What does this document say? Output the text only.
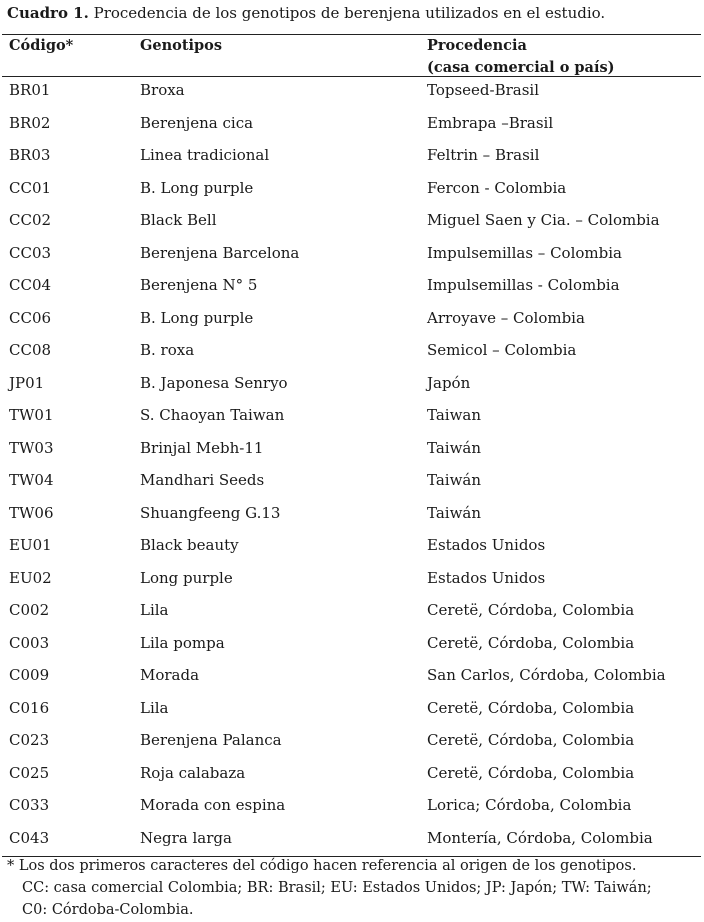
Cuadro 1. Procedencia de los genotipos de berenjena utilizados en el estudio.
Código*	Genotipos	Procedencia
(casa comercial o país)
BR01	Broxa	Topseed-Brasil
BR02	Berenjena cica	Embrapa –Brasil
BR03	Linea tradicional	Feltrin – Brasil
CC01	B. Long purple	Fercon - Colombia
CC02	Black Bell	Miguel Saen y Cia. – Colombia
CC03	Berenjena Barcelona	Impulsemillas – Colombia
CC04	Berenjena N° 5	Impulsemillas - Colombia
CC06	B. Long purple	Arroyave – Colombia
CC08	B. roxa	Semicol – Colombia
JP01	B. Japonesa Senryo	Japón
TW01	S. Chaoyan Taiwan	Taiwan
TW03	Brinjal Mebh-11	Taiwán
TW04	Mandhari Seeds	Taiwán
TW06	Shuangfeeng G.13	Taiwán
EU01	Black beauty	Estados Unidos
EU02	Long purple	Estados Unidos
C002	Lila	Ceretё, Córdoba, Colombia
C003	Lila pompa	Ceretё, Córdoba, Colombia
C009	Morada	San Carlos, Córdoba, Colombia
C016	Lila	Ceretё, Córdoba, Colombia
C023	Berenjena Palanca	Ceretё, Córdoba, Colombia
C025	Roja calabaza	Ceretё, Córdoba, Colombia
C033	Morada con espina	Lorica; Córdoba, Colombia
C043	Negra larga	Montería, Córdoba, Colombia
* Los dos primeros caracteres del código hacen referencia al origen de los genotipos.
CC: casa comercial Colombia; BR: Brasil; EU: Estados Unidos; JP: Japón; TW: Taiwán;
C0: Córdoba-Colombia.
